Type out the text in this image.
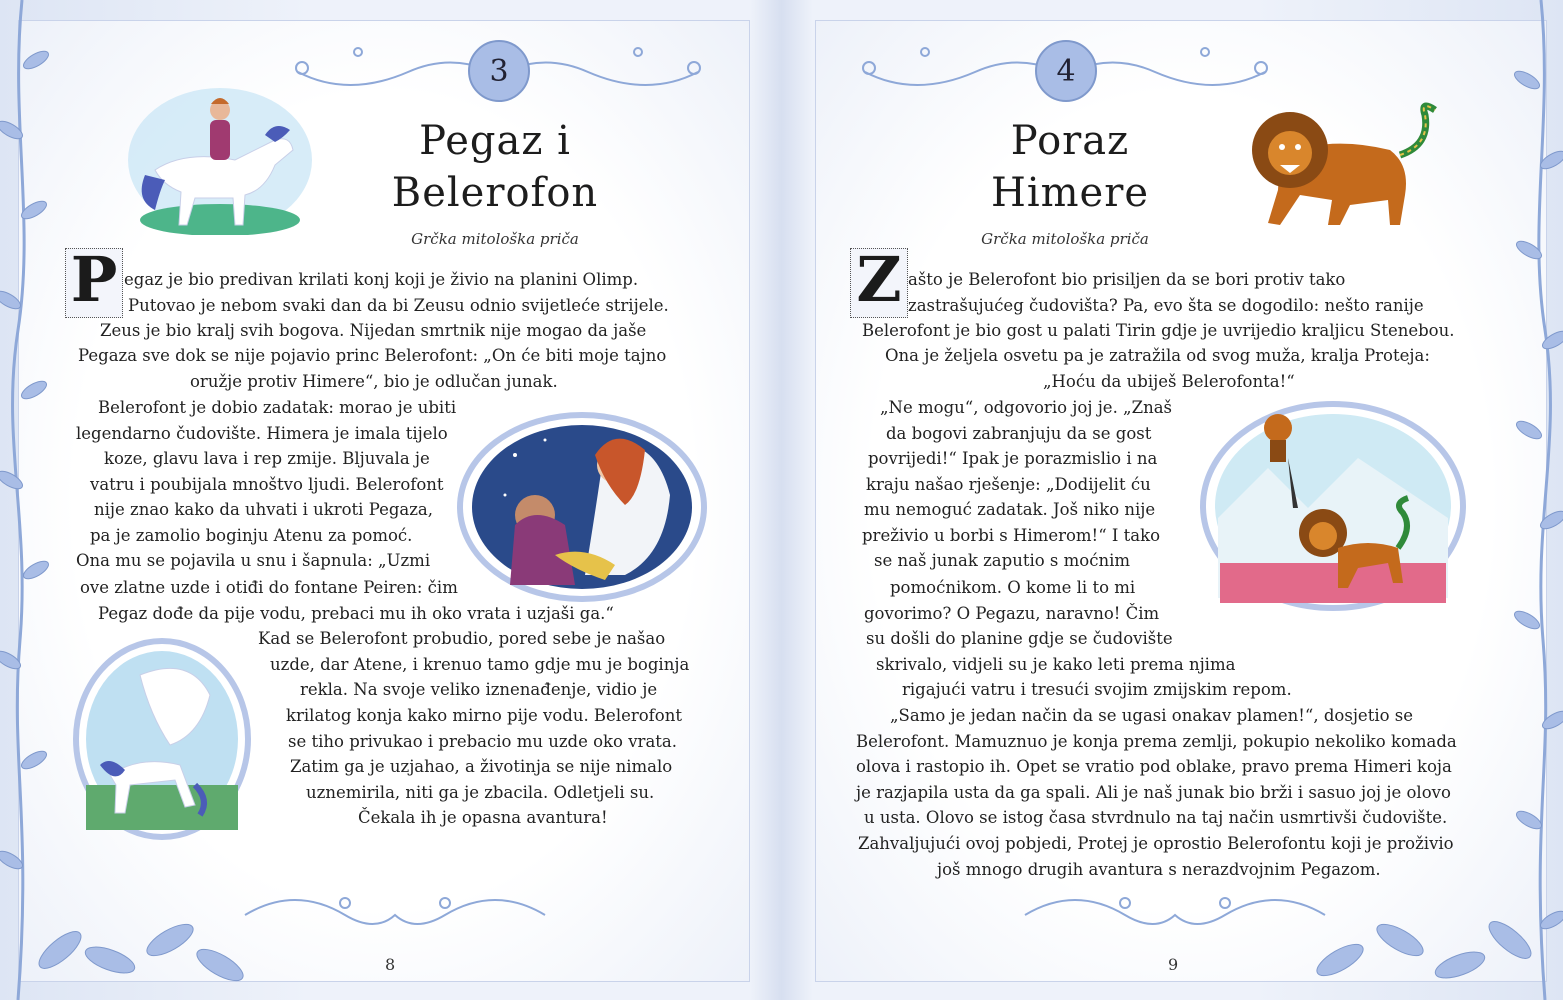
3	4
Pegaz i
Belerofon
Grčka mitološka priča
P egaz je bio predivan krilati konj koji je živio na planini Olimp.
Putovao je nebom svaki dan da bi Zeusu odnio svijetleće strijele.
Zeus je bio kralj svih bogova. Nijedan smrtnik nije mogao da jaše
Pegaza sve dok se nije pojavio princ Belerofont: „On će biti moje tajno
oružje protiv Himere“, bio je odlučan junak.
Belerofont je dobio zadatak: morao je ubiti
legendarno čudovište. Himera je imala tijelo
koze, glavu lava i rep zmije. Bljuvala je
vatru i poubijala mnoštvo ljudi. Belerofont
nije znao kako da uhvati i ukroti Pegaza,
pa je zamolio boginju Atenu za pomoć.
Ona mu se pojavila u snu i šapnula: „Uzmi
ove zlatne uzde i otiđi do fontane Peiren: čim
Pegaz dođe da pije vodu, prebaci mu ih oko vrata i uzjaši ga.“
Kad se Belerofont probudio, pored sebe je našao
uzde, dar Atene, i krenuo tamo gdje mu je boginja
rekla. Na svoje veliko iznenađenje, vidio je
krilatog konja kako mirno pije vodu. Belerofont
se tiho privukao i prebacio mu uzde oko vrata.
Zatim ga je uzjahao, a životinja se nije nimalo
uznemirila, niti ga je zbacila. Odletjeli su.
Čekala ih je opasna avantura!
8
Poraz
Himere
Grčka mitološka priča
Z ašto je Belerofont bio prisiljen da se bori protiv tako
zastrašujućeg čudovišta? Pa, evo šta se dogodilo: nešto ranije
Belerofont je bio gost u palati Tirin gdje je uvrijedio kraljicu Stenebou.
Ona je željela osvetu pa je zatražila od svog muža, kralja Proteja:
„Hoću da ubiješ Belerofonta!“
„Ne mogu“, odgovorio joj je. „Znaš
da bogovi zabranjuju da se gost
povrijedi!“ Ipak je porazmislio i na
kraju našao rješenje: „Dodijelit ću
mu nemoguć zadatak. Još niko nije
preživio u borbi s Himerom!“ I tako
se naš junak zaputio s moćnim
pomoćnikom. O kome li to mi
govorimo? O Pegazu, naravno! Čim
su došli do planine gdje se čudovište
skrivalo, vidjeli su je kako leti prema njima
rigajući vatru i tresući svojim zmijskim repom.
„Samo je jedan način da se ugasi onakav plamen!“, dosjetio se
Belerofont. Mamuznuo je konja prema zemlji, pokupio nekoliko komada
olova i rastopio ih. Opet se vratio pod oblake, pravo prema Himeri koja
je razjapila usta da ga spali. Ali je naš junak bio brži i sasuo joj je olovo
u usta. Olovo se istog časa stvrdnulo na taj način usmrtivši čudovište.
Zahvaljujući ovoj pobjedi, Protej je oprostio Belerofontu koji je proživio
još mnogo drugih avantura s nerazdvojnim Pegazom.
9
